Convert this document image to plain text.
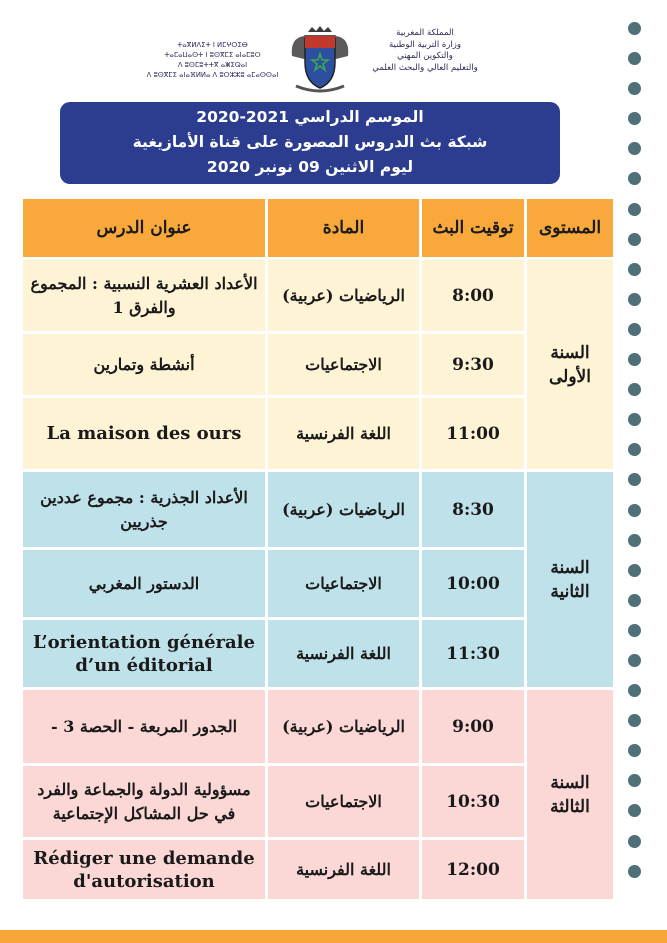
ⵜⴰⴳⵍⴷⵉⵜ ⵏ ⵍⵎⵖⵔⵉⴱ
ⵜⴰⵎⴰⵡⴰⵙⵜ ⵏ ⵓⵙⴳⵎⵉ ⴰⵏⴰⵎⵓⵔ
ⴷ ⵓⵙⵎⵓⵜⵜⴳ ⴰⵥⵉⵕⴰⵏ
ⴷ ⵓⵙⴳⵎⵉ ⴰⵏⴰⴼⵍⵍⴰ ⴷ ⵓⵔⵣⵣⵓ ⴰⵎⴰⵙⵙⴰⵏ
المملكة المغربية
وزارة التربية الوطنية
والتكوين المهني
والتعليم العالي والبحث العلمي
الموسم الدراسي 2021-2020
شبكة بث الدروس المصورة على قناة الأمازيغية
ليوم الاثنين 09 نونبر 2020
المستوى	توقيت البث	المادة	عنوان الدرس
السنة الأولى	8:00	الرياضيات (عربية)	الأعداد العشرية النسبية : المجموع والفرق 1
	9:30	الاجتماعيات	أنشطة وتمارين
	11:00	اللغة الفرنسية	La maison des ours
السنة الثانية	8:30	الرياضيات (عربية)	الأعداد الجذرية : مجموع عددين جذريين
	10:00	الاجتماعيات	الدستور المغربي
	11:30	اللغة الفرنسية	L’orientation générale d’un éditorial
السنة الثالثة	9:00	الرياضيات (عربية)	الجدور المربعة - الحصة 3 -
	10:30	الاجتماعيات	مسؤولية الدولة والجماعة والفرد في حل المشاكل الإجتماعية
	12:00	اللغة الفرنسية	Rédiger une demande d'autorisation
